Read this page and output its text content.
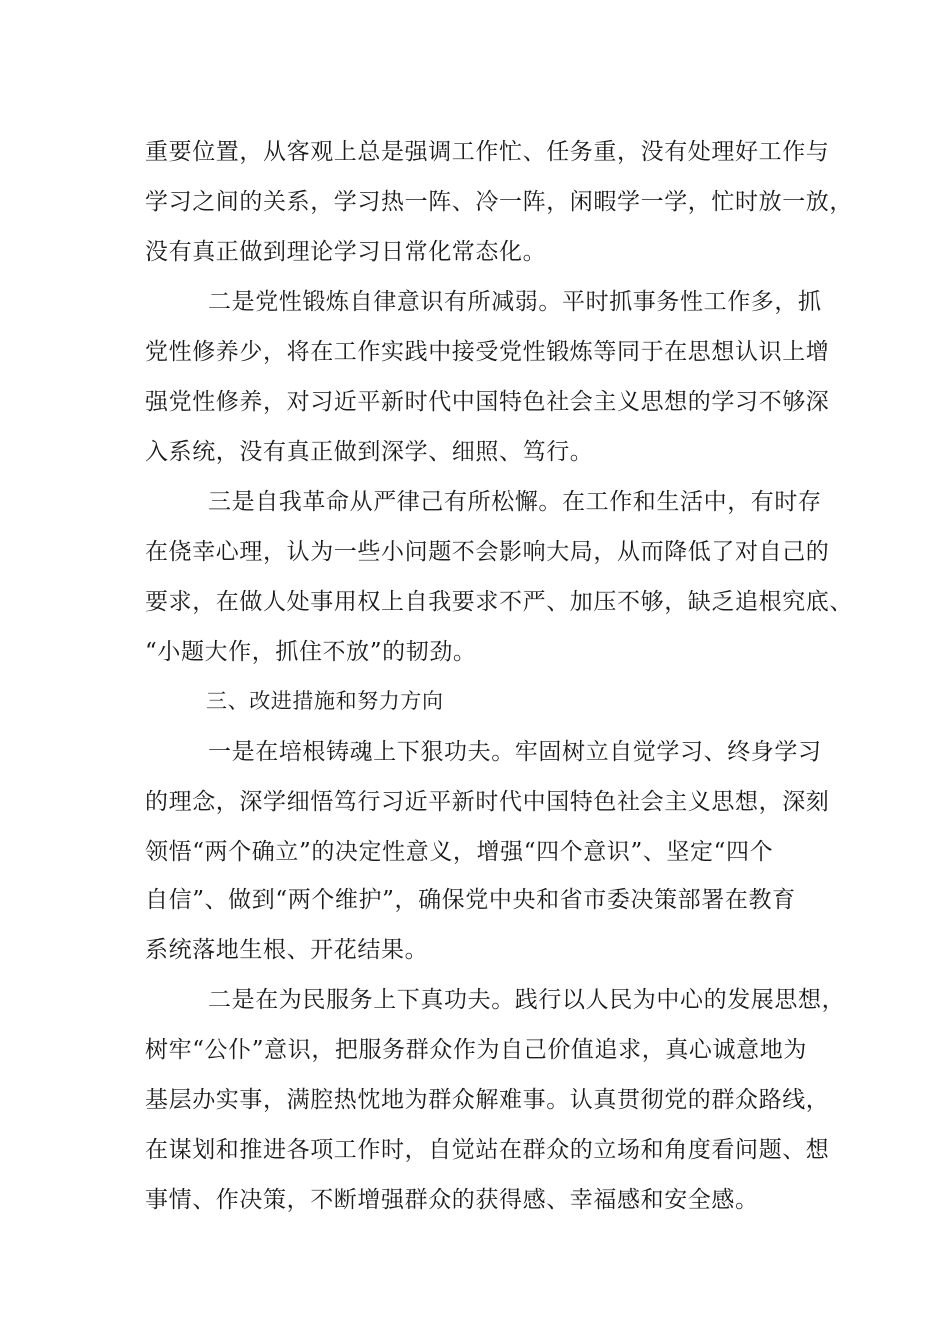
重要位置，从客观上总是强调工作忙、任务重，没有处理好工作与
学习之间的关系，学习热一阵、冷一阵，闲暇学一学，忙时放一放，
没有真正做到理论学习日常化常态化。
二是党性锻炼自律意识有所减弱。平时抓事务性工作多，抓
党性修养少，将在工作实践中接受党性锻炼等同于在思想认识上增
强党性修养，对习近平新时代中国特色社会主义思想的学习不够深
入系统，没有真正做到深学、细照、笃行。
三是自我革命从严律己有所松懈。在工作和生活中，有时存
在侥幸心理，认为一些小问题不会影响大局，从而降低了对自己的
要求，在做人处事用权上自我要求不严、加压不够，缺乏追根究底、
“小题大作，抓住不放”的韧劲。
三、改进措施和努力方向
一是在培根铸魂上下狠功夫。牢固树立自觉学习、终身学习
的理念，深学细悟笃行习近平新时代中国特色社会主义思想，深刻
领悟“两个确立”的决定性意义，增强“四个意识”、坚定“四个
自信”、做到“两个维护”，确保党中央和省市委决策部署在教育
系统落地生根、开花结果。
二是在为民服务上下真功夫。践行以人民为中心的发展思想，
树牢“公仆”意识，把服务群众作为自己价值追求，真心诚意地为
基层办实事，满腔热忱地为群众解难事。认真贯彻党的群众路线，
在谋划和推进各项工作时，自觉站在群众的立场和角度看问题、想
事情、作决策，不断增强群众的获得感、幸福感和安全感。
